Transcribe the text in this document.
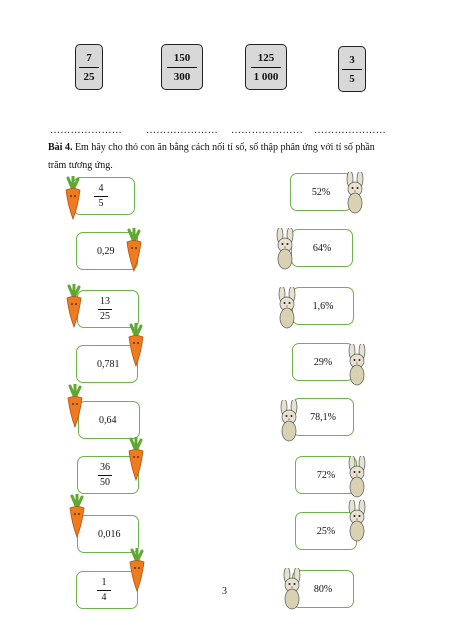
7
25
150
300
125
1 000
3
5
………………… ………………… ………………… …………………
Bài 4. Em hãy cho thỏ con ăn bằng cách nối tỉ số, số thập phân ứng với tỉ số phần
trăm tương ứng.
4
5
0,29
13
25
0,781
0,64
36
50
0,016
1
4
52%
64%
1,6%
29%
78,1%
72%
25%
80%
3
